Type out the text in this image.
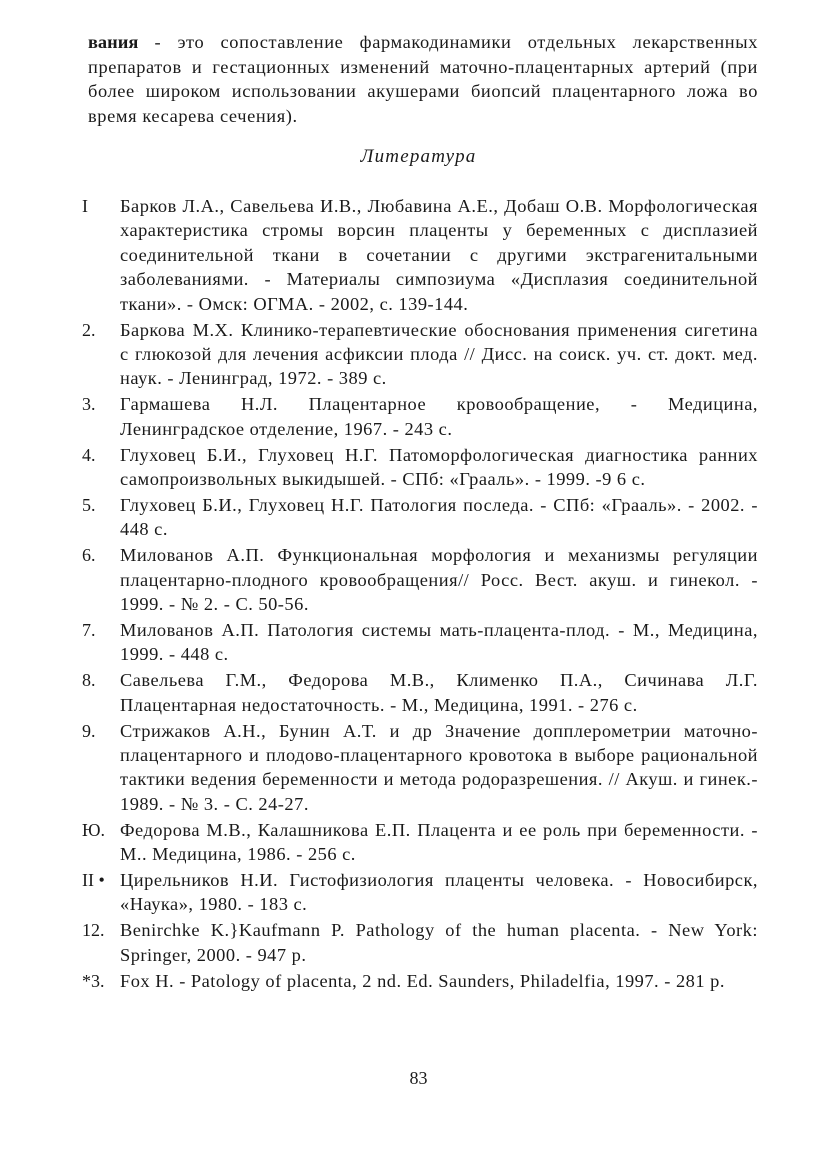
вания - это сопоставление фармакодинамики отдельных лекарственных препаратов и гестационных изменений маточно-плацентарных артерий (при более широком использовании акушерами биопсий плацентарного ложа во время кесарева сечения).

Литература

I	Барков Л.А., Савельева И.В., Любавина А.Е., Добаш О.В. Морфологическая характеристика стромы ворсин плаценты у беременных с дисплазией соединительной ткани в сочетании с другими экстрагенитальными заболеваниями. - Материалы симпозиума «Дисплазия соединительной ткани». - Омск: ОГМА. - 2002, с. 139-144.
2.	Баркова М.Х. Клинико-терапевтические обоснования применения сигетина с глюкозой для лечения асфиксии плода // Дисс. на соиск. уч. ст. докт. мед. наук. - Ленинград, 1972. - 389 с.
3.	Гармашева Н.Л. Плацентарное кровообращение, - Медицина, Ленинградское отделение, 1967. - 243 с.
4.	Глуховец Б.И., Глуховец Н.Г. Патоморфологическая диагностика ранних самопроизвольных выкидышей. - СПб: «Грааль». - 1999. -9 6 с.
5.	Глуховец Б.И., Глуховец Н.Г. Патология последа. - СПб: «Грааль». - 2002. - 448 с.
6.	Милованов А.П. Функциональная морфология и механизмы регуляции плацентарно-плодного кровообращения// Росс. Вест. акуш. и гинекол. - 1999. - № 2. - С. 50-56.
7.	Милованов А.П. Патология системы мать-плацента-плод. - М., Медицина, 1999. - 448 с.
8.	Савельева Г.М., Федорова М.В., Клименко П.А., Сичинава Л.Г. Плацентарная недостаточность. - М., Медицина, 1991. - 276 с.
9.	Стрижаков А.Н., Бунин А.Т. и др Значение допплерометрии маточно-плацентарного и плодово-плацентарного кровотока в выборе рациональной тактики ведения беременности и метода родоразрешения. // Акуш. и гинек.- 1989. - № 3. - С. 24-27.
Ю. Федорова М.В., Калашникова Е.П. Плацента и ее роль при беременности. - М.. Медицина, 1986. - 256 с.
II • Цирельников Н.И. Гистофизиология плаценты человека. - Новосибирск, «Наука», 1980. - 183 с.
12. Benirchke K.}Kaufmann P. Pathology of the human placenta. - New York: Springer, 2000. - 947 p.
*3. Fox H. - Patology of placenta, 2 nd. Ed. Saunders, Philadelfia, 1997. - 281 p.

83
